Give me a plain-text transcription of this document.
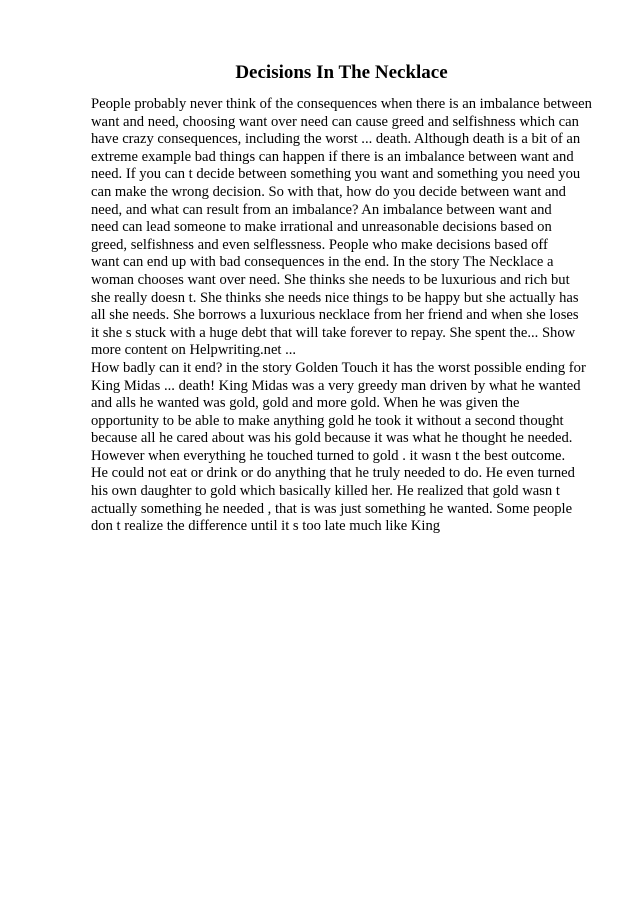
Decisions In The Necklace
People probably never think of the consequences when there is an imbalance between
want and need, choosing want over need can cause greed and selfishness which can
have crazy consequences, including the worst ... death. Although death is a bit of an
extreme example bad things can happen if there is an imbalance between want and
need. If you can t decide between something you want and something you need you
can make the wrong decision. So with that, how do you decide between want and
need, and what can result from an imbalance? An imbalance between want and
need can lead someone to make irrational and unreasonable decisions based on
greed, selfishness and even selflessness. People who make decisions based off
want can end up with bad consequences in the end. In the story The Necklace a
woman chooses want over need. She thinks she needs to be luxurious and rich but
she really doesn t. She thinks she needs nice things to be happy but she actually has
all she needs. She borrows a luxurious necklace from her friend and when she loses
it she s stuck with a huge debt that will take forever to repay. She spent the... Show
more content on Helpwriting.net ...
How badly can it end? in the story Golden Touch it has the worst possible ending for
King Midas ... death! King Midas was a very greedy man driven by what he wanted
and alls he wanted was gold, gold and more gold. When he was given the
opportunity to be able to make anything gold he took it without a second thought
because all he cared about was his gold because it was what he thought he needed.
However when everything he touched turned to gold . it wasn t the best outcome.
He could not eat or drink or do anything that he truly needed to do. He even turned
his own daughter to gold which basically killed her. He realized that gold wasn t
actually something he needed , that is was just something he wanted. Some people
don t realize the difference until it s too late much like King
